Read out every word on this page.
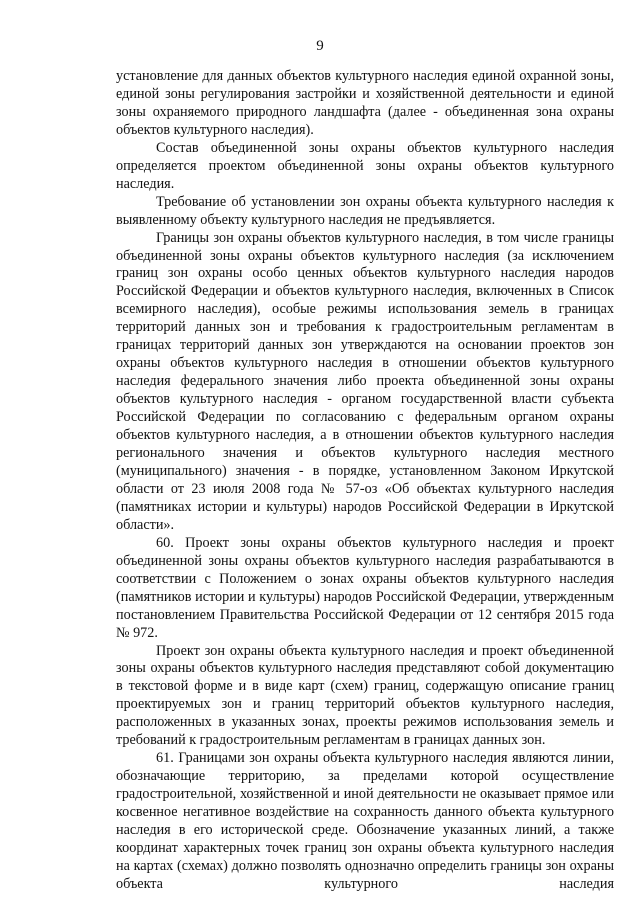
9

установление для данных объектов культурного наследия единой охранной зоны, единой зоны регулирования застройки и хозяйственной деятельности и единой зоны охраняемого природного ландшафта (далее - объединенная зона охраны объектов культурного наследия).

Состав объединенной зоны охраны объектов культурного наследия определяется проектом объединенной зоны охраны объектов культурного наследия.

Требование об установлении зон охраны объекта культурного наследия к выявленному объекту культурного наследия не предъявляется.

Границы зон охраны объектов культурного наследия, в том числе границы объединенной зоны охраны объектов культурного наследия (за исключением границ зон охраны особо ценных объектов культурного наследия народов Российской Федерации и объектов культурного наследия, включенных в Список всемирного наследия), особые режимы использования земель в границах территорий данных зон и требования к градостроительным регламентам в границах территорий данных зон утверждаются на основании проектов зон охраны объектов культурного наследия в отношении объектов культурного наследия федерального значения либо проекта объединенной зоны охраны объектов культурного наследия - органом государственной власти субъекта Российской Федерации по согласованию с федеральным органом охраны объектов культурного наследия, а в отношении объектов культурного наследия регионального значения и объектов культурного наследия местного (муниципального) значения - в порядке, установленном Законом Иркутской области от 23 июля 2008 года № 57-оз «Об объектах культурного наследия (памятниках истории и культуры) народов Российской Федерации в Иркутской области».

60. Проект зоны охраны объектов культурного наследия и проект объединенной зоны охраны объектов культурного наследия разрабатываются в соответствии с Положением о зонах охраны объектов культурного наследия (памятников истории и культуры) народов Российской Федерации, утвержденным постановлением Правительства Российской Федерации от 12 сентября 2015 года № 972.

Проект зон охраны объекта культурного наследия и проект объединенной зоны охраны объектов культурного наследия представляют собой документацию в текстовой форме и в виде карт (схем) границ, содержащую описание границ проектируемых зон и границ территорий объектов культурного наследия, расположенных в указанных зонах, проекты режимов использования земель и требований к градостроительным регламентам в границах данных зон.

61. Границами зон охраны объекта культурного наследия являются линии, обозначающие территорию, за пределами которой осуществление градостроительной, хозяйственной и иной деятельности не оказывает прямое или косвенное негативное воздействие на сохранность данного объекта культурного наследия в его исторической среде. Обозначение указанных линий, а также координат характерных точек границ зон охраны объекта культурного наследия на картах (схемах) должно позволять однозначно определить границы зон охраны объекта культурного наследия
